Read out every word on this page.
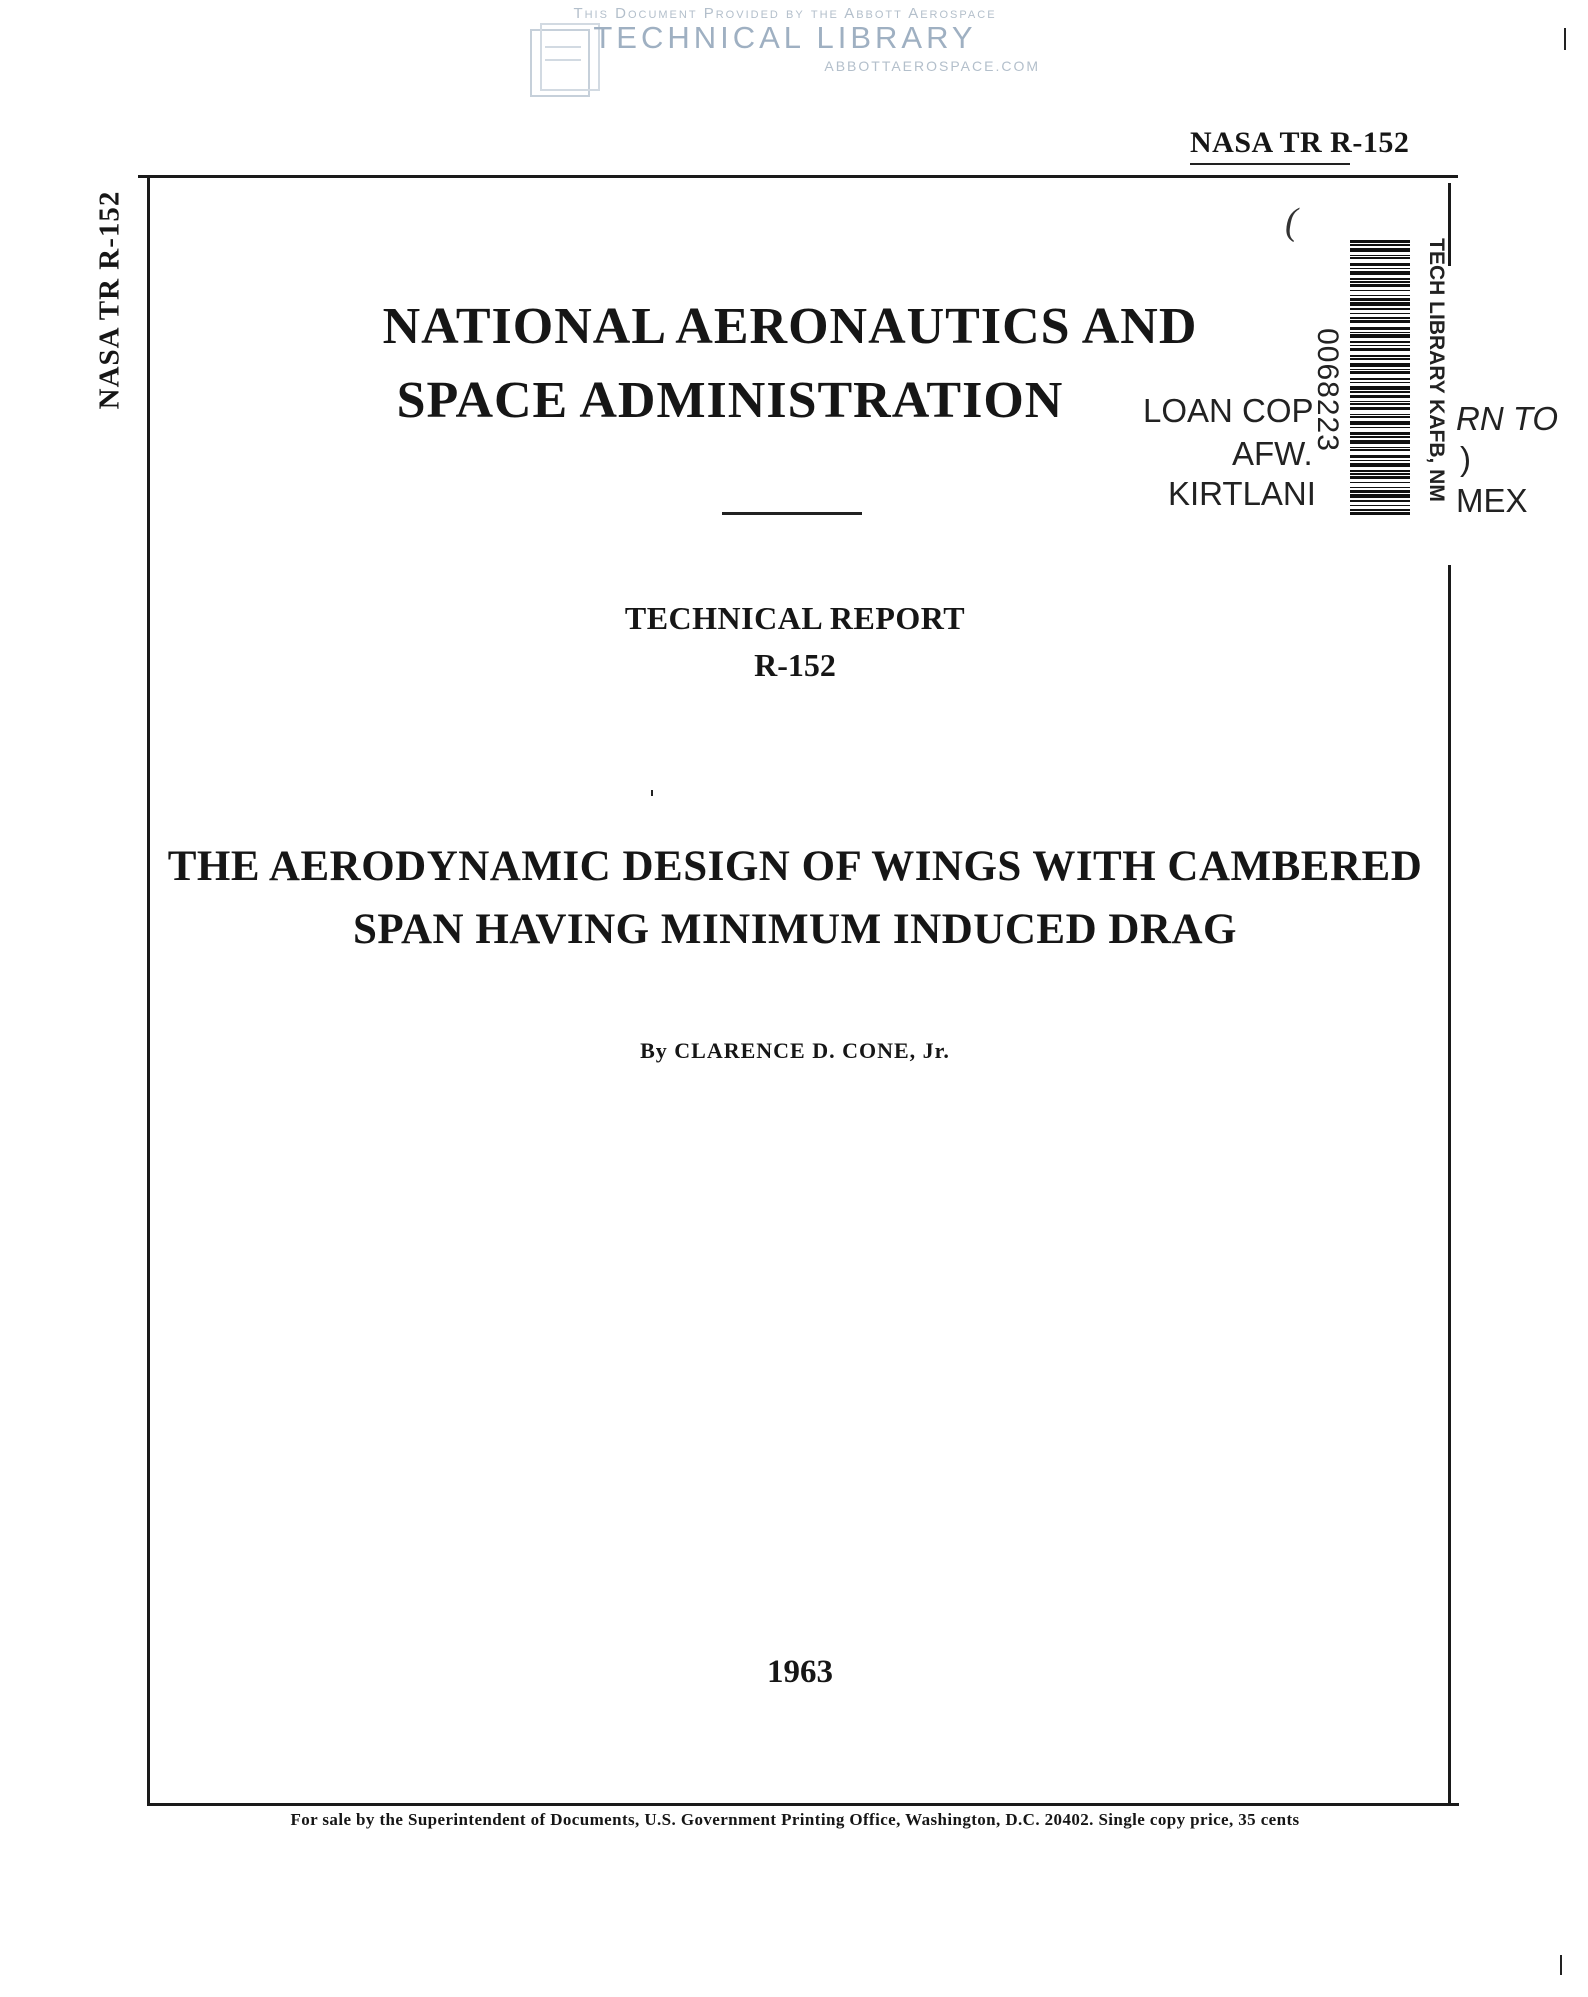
This Document Provided by the Abbott Aerospace
TECHNICAL LIBRARY
ABBOTTAEROSPACE.COM
NASA TR R-152
NASA TR R-152	NATIONAL AERONAUTICS AND
SPACE ADMINISTRATION
TECHNICAL REPORT
R-152
THE AERODYNAMIC DESIGN OF WINGS WITH CAMBERED
SPAN HAVING MINIMUM INDUCED DRAG
By CLARENCE D. CONE, Jr.
1963
For sale by the Superintendent of Documents, U.S. Government Printing Office, Washington, D.C. 20402. Single copy price, 35 cents
(
LOAN COP	RN TO
AFW.	)
KIRTLANI	MEX
0068223	TECH LIBRARY KAFB, NM
